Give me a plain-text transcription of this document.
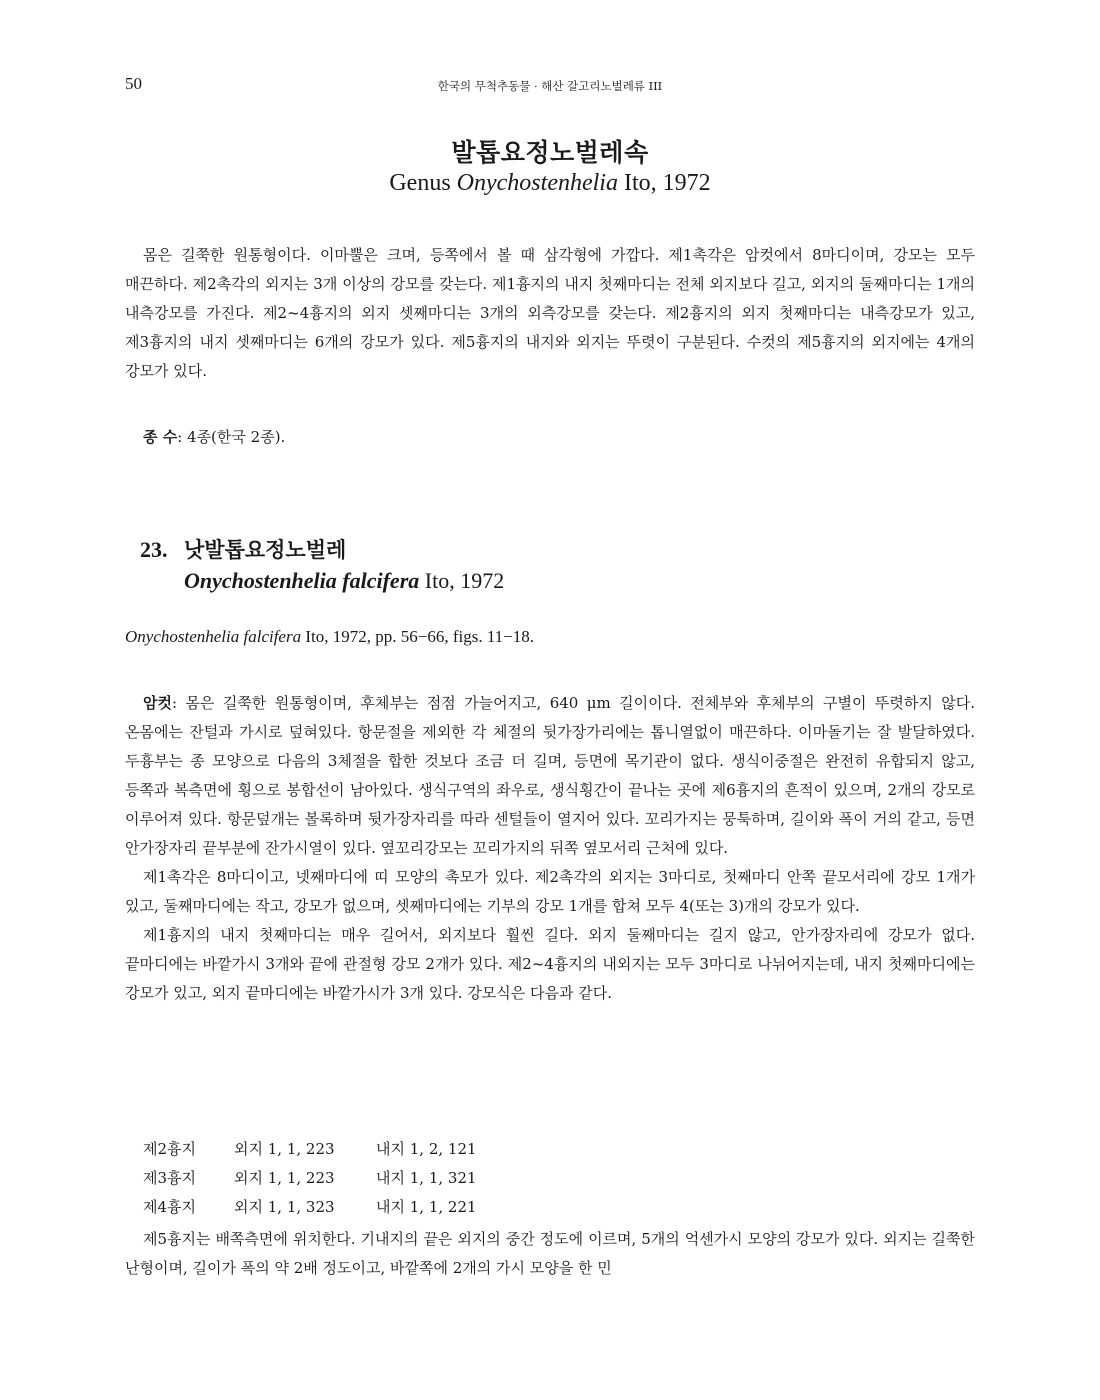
50	한국의 무척추동물 · 해산 갈고리노벌레류 III
발톱요정노벌레속
Genus Onychostenhelia Ito, 1972

몸은 길쭉한 원통형이다. 이마뿔은 크며, 등쪽에서 볼 때 삼각형에 가깝다. 제1촉각은 암컷에서 8마디이며, 강모는 모두 매끈하다. 제2촉각의 외지는 3개 이상의 강모를 갖는다. 제1흉지의 내지 첫째마디는 전체 외지보다 길고, 외지의 둘째마디는 1개의 내측강모를 가진다. 제2~4흉지의 외지 셋째마디는 3개의 외측강모를 갖는다. 제2흉지의 외지 첫째마디는 내측강모가 있고, 제3흉지의 내지 셋째마디는 6개의 강모가 있다. 제5흉지의 내지와 외지는 뚜렷이 구분된다. 수컷의 제5흉지의 외지에는 4개의 강모가 있다.

종 수: 4종(한국 2종).

23. 낫발톱요정노벌레
Onychostenhelia falcifera Ito, 1972
Onychostenhelia falcifera Ito, 1972, pp. 56−66, figs. 11−18.

암컷: 몸은 길쭉한 원통형이며, 후체부는 점점 가늘어지고, 640 μm 길이이다. 전체부와 후체부의 구별이 뚜렷하지 않다. 온몸에는 잔털과 가시로 덮혀있다. 항문절을 제외한 각 체절의 뒷가장가리에는 톱니열없이 매끈하다. 이마돌기는 잘 발달하였다. 두흉부는 종 모양으로 다음의 3체절을 합한 것보다 조금 더 길며, 등면에 목기관이 없다. 생식이중절은 완전히 유합되지 않고, 등쪽과 복측면에 횡으로 봉합선이 남아있다. 생식구역의 좌우로, 생식횡간이 끝나는 곳에 제6흉지의 흔적이 있으며, 2개의 강모로 이루어져 있다. 항문덮개는 볼록하며 뒷가장자리를 따라 센털들이 열지어 있다. 꼬리가지는 뭉툭하며, 길이와 폭이 거의 같고, 등면 안가장자리 끝부분에 잔가시열이 있다. 옆꼬리강모는 꼬리가지의 뒤쪽 옆모서리 근처에 있다.

제1촉각은 8마디이고, 넷째마디에 띠 모양의 촉모가 있다. 제2촉각의 외지는 3마디로, 첫째마디 안쪽 끝모서리에 강모 1개가 있고, 둘째마디에는 작고, 강모가 없으며, 셋째마디에는 기부의 강모 1개를 합쳐 모두 4(또는 3)개의 강모가 있다.

제1흉지의 내지 첫째마디는 매우 길어서, 외지보다 훨씬 길다. 외지 둘째마디는 길지 않고, 안가장자리에 강모가 없다. 끝마디에는 바깥가시 3개와 끝에 관절형 강모 2개가 있다. 제2~4흉지의 내외지는 모두 3마디로 나뉘어지는데, 내지 첫째마디에는 강모가 있고, 외지 끝마디에는 바깥가시가 3개 있다. 강모식은 다음과 같다.

제2흉지	외지 1, 1, 223	내지 1, 2, 121
제3흉지	외지 1, 1, 223	내지 1, 1, 321
제4흉지	외지 1, 1, 323	내지 1, 1, 221

제5흉지는 배쪽측면에 위치한다. 기내지의 끝은 외지의 중간 정도에 이르며, 5개의 억센가시 모양의 강모가 있다. 외지는 길쭉한 난형이며, 길이가 폭의 약 2배 정도이고, 바깥쪽에 2개의 가시 모양을 한 민
